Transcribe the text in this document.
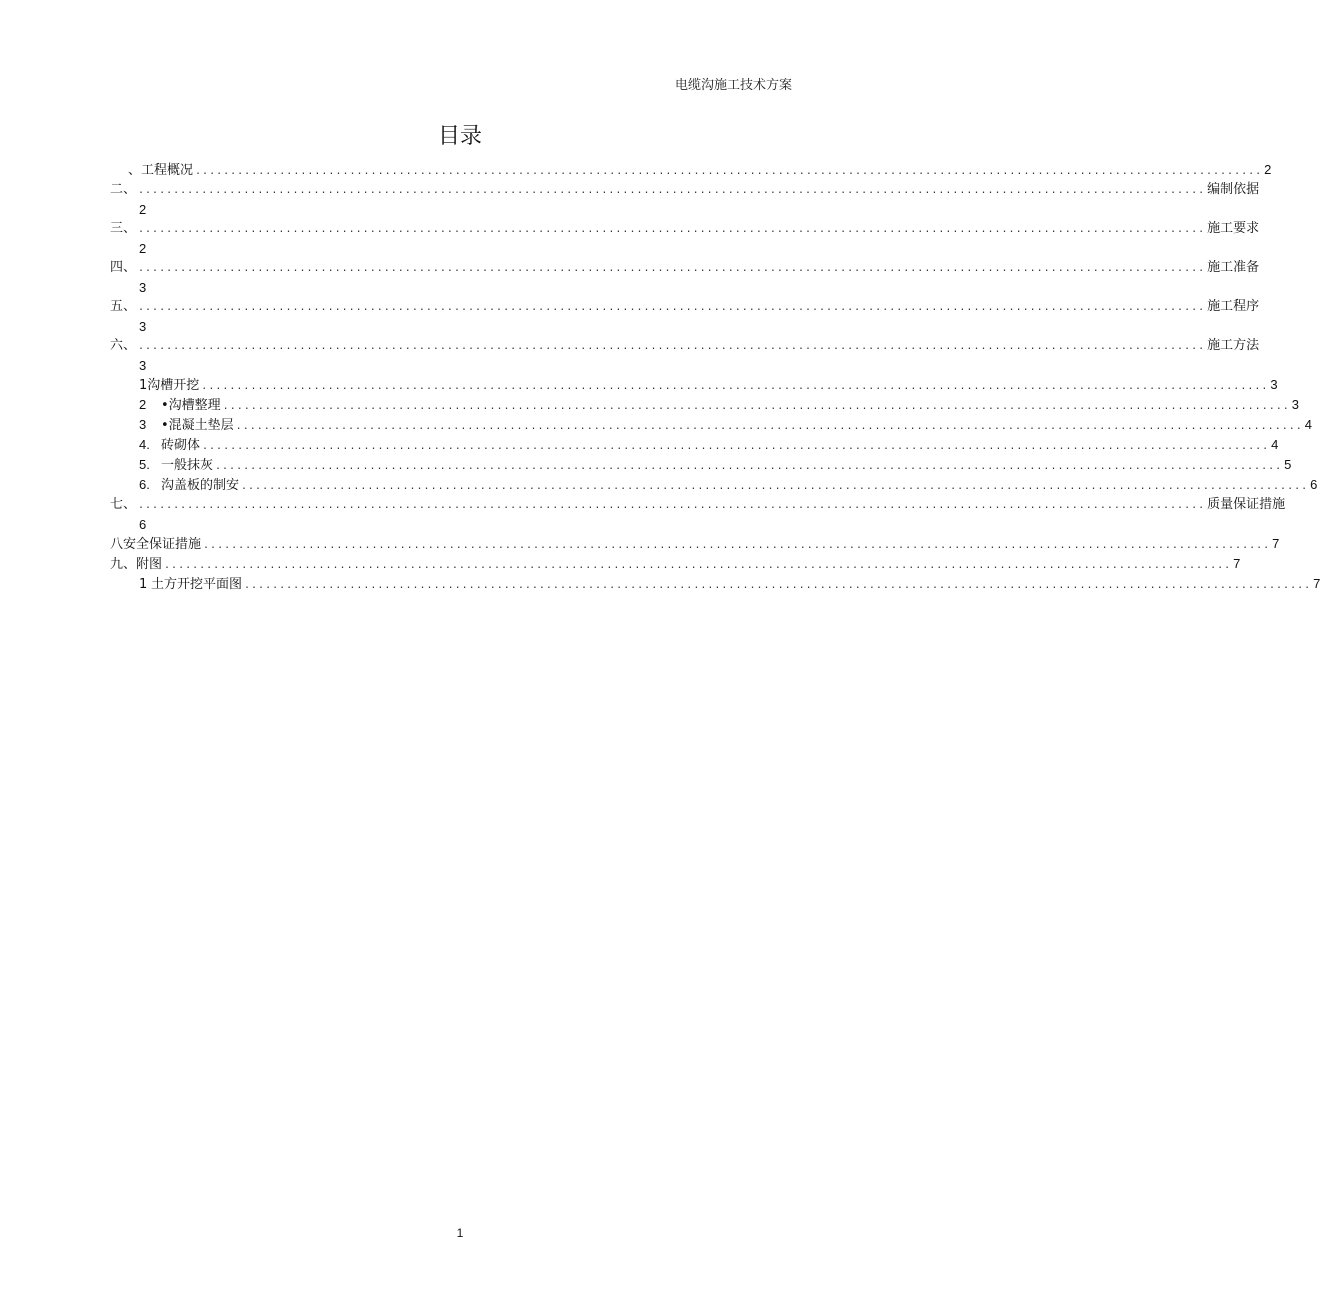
电缆沟施工技术方案
目录
、 工程概况 ........................................................................................................................................................ 2
二、 ........................................................................................................................................................ 编制依据
2
三、 ........................................................................................................................................................ 施工要求
2
四、 ........................................................................................................................................................ 施工准备
3
五、 ........................................................................................................................................................ 施工程序
3
六、 ........................................................................................................................................................ 施工方法
3
1 沟槽开挖 ........................................................................................................................................................ 3
2	•沟槽整理 ........................................................................................................................................................ 3
3	•混凝土垫层 ........................................................................................................................................................ 4
4. 砖砌体 ........................................................................................................................................................ 4
5. 一般抹灰 ........................................................................................................................................................ 5
6. 沟盖板的制安 ........................................................................................................................................................ 6
七、 ........................................................................................................................................................ 质量保证措施
6
八 安全保证措施 ........................................................................................................................................................ 7
九、 附图 ........................................................................................................................................................ 7
1 土方开挖平面图 ........................................................................................................................................................ 7
1
